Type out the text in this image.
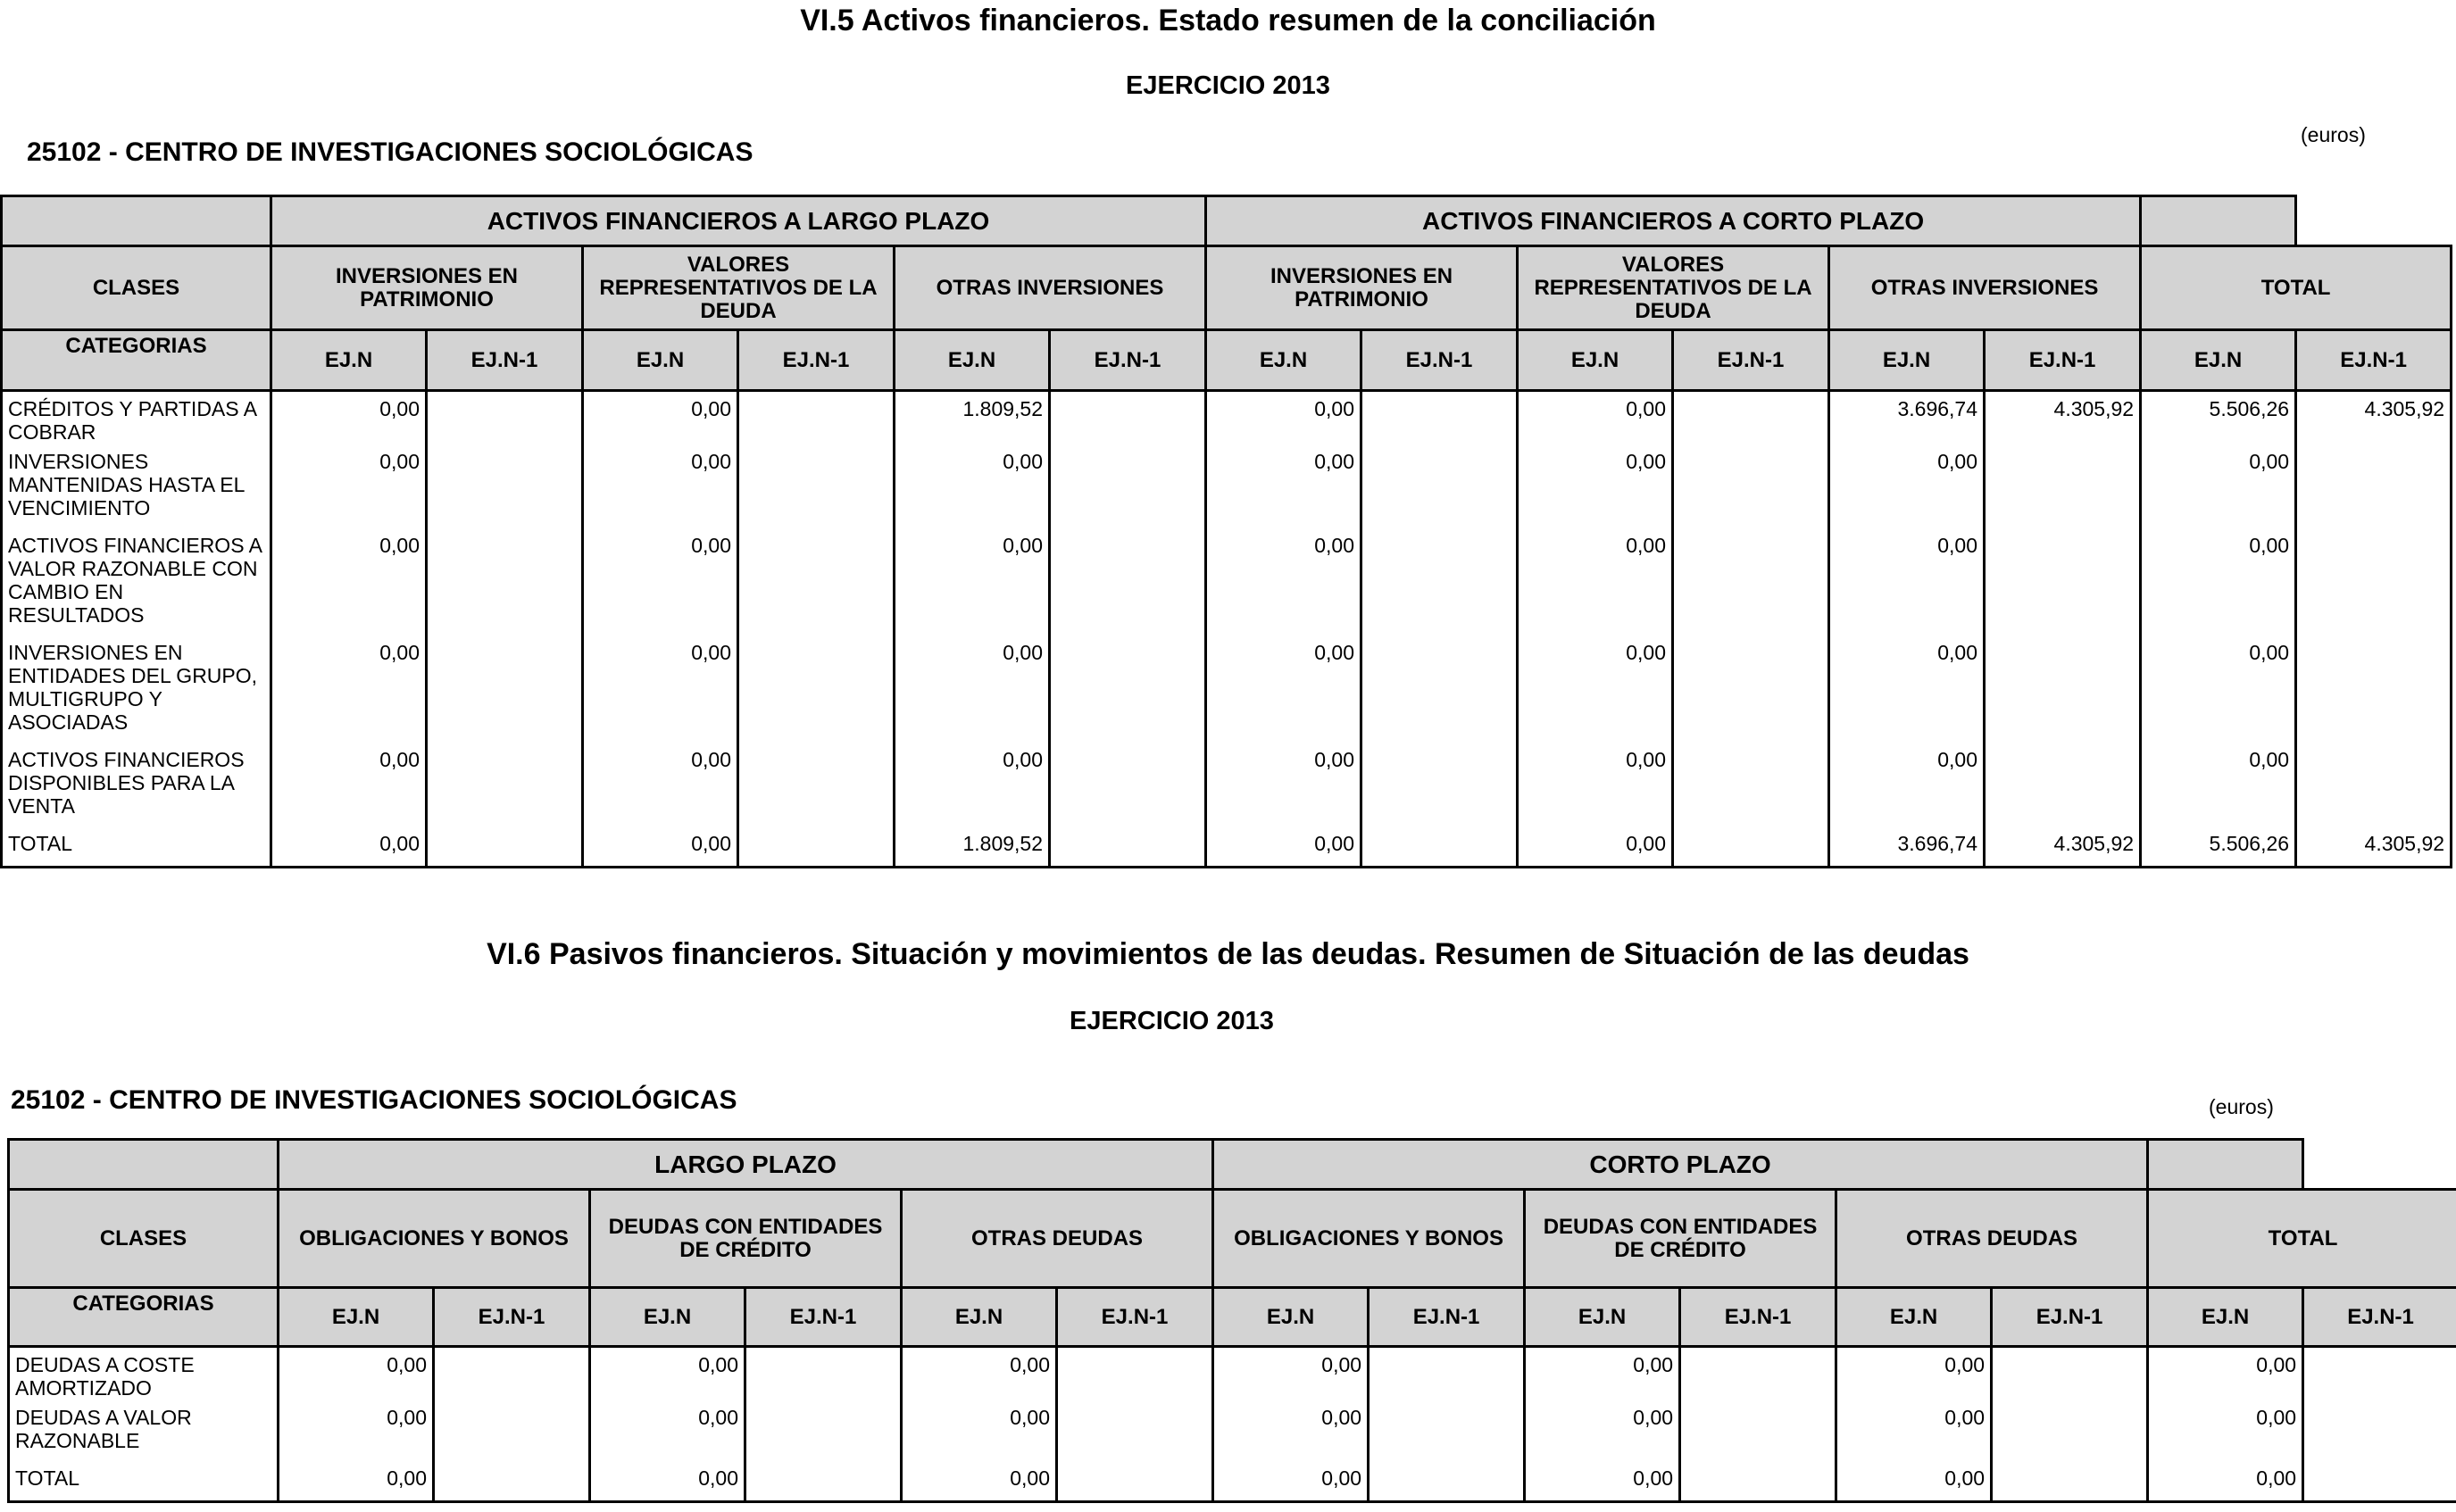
VI.5 Activos financieros. Estado resumen de la conciliación
EJERCICIO 2013
25102 - CENTRO DE INVESTIGACIONES SOCIOLÓGICAS
(euros)
	ACTIVOS FINANCIEROS A LARGO PLAZO						ACTIVOS FINANCIEROS A CORTO PLAZO							
CLASES	INVERSIONES EN PATRIMONIO		VALORES REPRESENTATIVOS DE LA DEUDA		OTRAS INVERSIONES		INVERSIONES EN PATRIMONIO		VALORES REPRESENTATIVOS DE LA DEUDA		OTRAS INVERSIONES		TOTAL	
CATEGORIAS	EJ.N	EJ.N-1	EJ.N	EJ.N-1	EJ.N	EJ.N-1	EJ.N	EJ.N-1	EJ.N	EJ.N-1	EJ.N	EJ.N-1	EJ.N	EJ.N-1
CRÉDITOS Y PARTIDAS A COBRAR	0,00		0,00		1.809,52		0,00		0,00		3.696,74	4.305,92	5.506,26	4.305,92
INVERSIONES MANTENIDAS HASTA EL VENCIMIENTO	0,00		0,00		0,00		0,00		0,00		0,00		0,00	
ACTIVOS FINANCIEROS A VALOR RAZONABLE CON CAMBIO EN RESULTADOS	0,00		0,00		0,00		0,00		0,00		0,00		0,00	
INVERSIONES EN ENTIDADES DEL GRUPO, MULTIGRUPO Y ASOCIADAS	0,00		0,00		0,00		0,00		0,00		0,00		0,00	
ACTIVOS FINANCIEROS DISPONIBLES PARA LA VENTA	0,00		0,00		0,00		0,00		0,00		0,00		0,00	
TOTAL	0,00		0,00		1.809,52		0,00		0,00		3.696,74	4.305,92	5.506,26	4.305,92
VI.6 Pasivos financieros. Situación y movimientos de las deudas. Resumen de Situación de las deudas
EJERCICIO 2013
25102 - CENTRO DE INVESTIGACIONES SOCIOLÓGICAS	(euros)
	LARGO PLAZO						CORTO PLAZO							
CLASES	OBLIGACIONES Y BONOS		DEUDAS CON ENTIDADES DE CRÉDITO		OTRAS DEUDAS		OBLIGACIONES Y BONOS		DEUDAS CON ENTIDADES DE CRÉDITO		OTRAS DEUDAS		TOTAL	
CATEGORIAS	EJ.N	EJ.N-1	EJ.N	EJ.N-1	EJ.N	EJ.N-1	EJ.N	EJ.N-1	EJ.N	EJ.N-1	EJ.N	EJ.N-1	EJ.N	EJ.N-1
DEUDAS A COSTE AMORTIZADO	0,00		0,00		0,00		0,00		0,00		0,00		0,00	
DEUDAS A VALOR RAZONABLE	0,00		0,00		0,00		0,00		0,00		0,00		0,00	
TOTAL	0,00		0,00		0,00		0,00		0,00		0,00		0,00	
